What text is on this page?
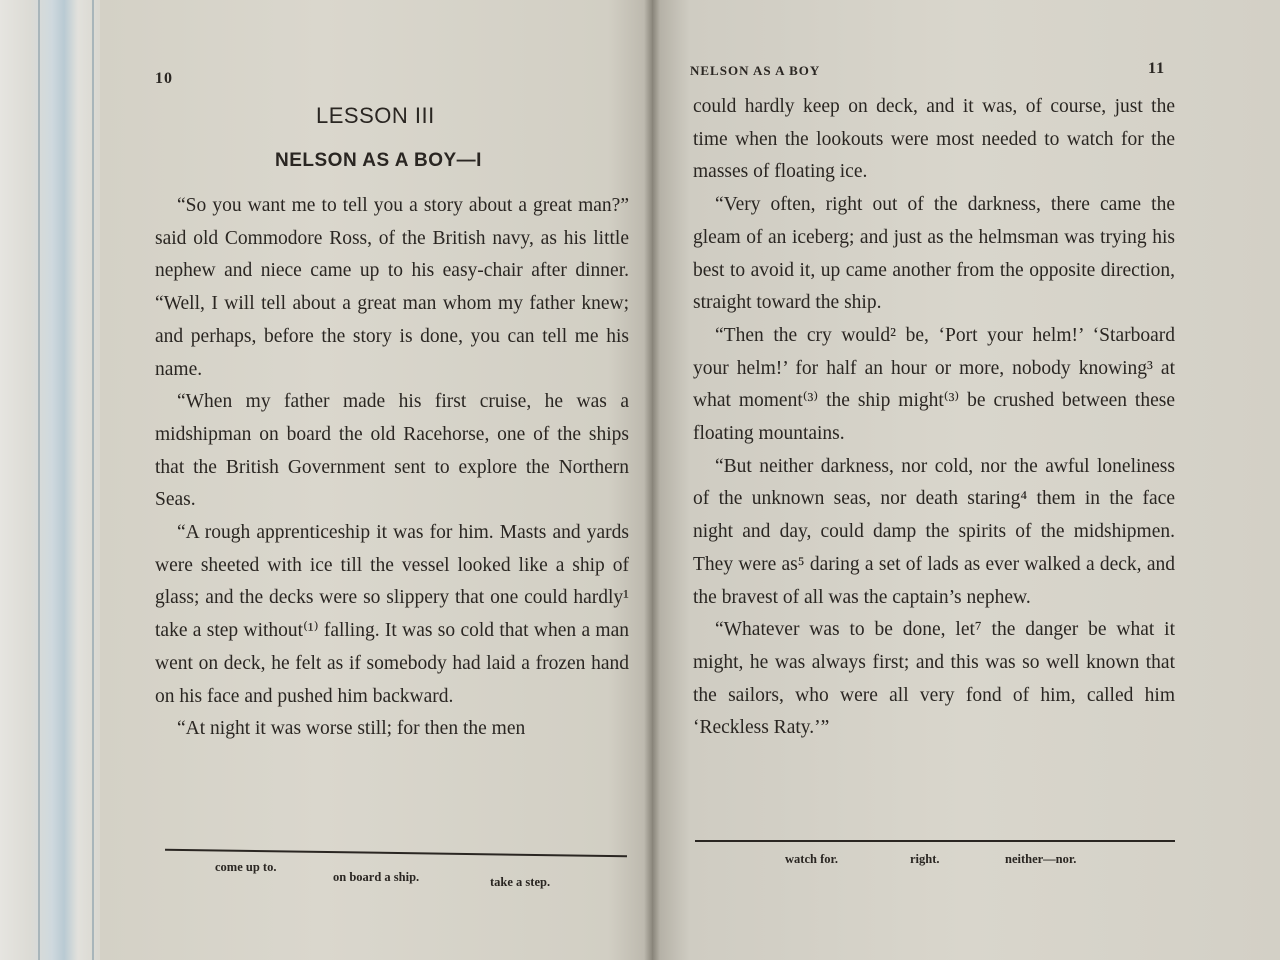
10
LESSON III
NELSON AS A BOY—I

“So you want me to tell you a story about a great man?” said old Commodore Ross, of the British navy, as his little nephew and niece came up to his easy-chair after dinner. “Well, I will tell about a great man whom my father knew; and perhaps, before the story is done, you can tell me his name.

“When my father made his first cruise, he was a midshipman on board the old Racehorse, one of the ships that the British Government sent to explore the Northern Seas.

“A rough apprenticeship it was for him. Masts and yards were sheeted with ice till the vessel looked like a ship of glass; and the decks were so slippery that one could hardly¹ take a step without⁽¹⁾ falling. It was so cold that when a man went on deck, he felt as if somebody had laid a frozen hand on his face and pushed him backward.

“At night it was worse still; for then the men

come up to.
on board a ship.	take a step.
NELSON AS A BOY	11

could hardly keep on deck, and it was, of course, just the time when the lookouts were most needed to watch for the masses of floating ice.

“Very often, right out of the darkness, there came the gleam of an iceberg; and just as the helmsman was trying his best to avoid it, up came another from the opposite direction, straight toward the ship.

“Then the cry would² be, ‘Port your helm!’ ‘Starboard your helm!’ for half an hour or more, nobody knowing³ at what moment⁽³⁾ the ship might⁽³⁾ be crushed between these floating mountains.

“But neither darkness, nor cold, nor the awful loneliness of the unknown seas, nor death staring⁴ them in the face night and day, could damp the spirits of the midshipmen. They were as⁵ daring a set of lads as ever walked a deck, and the bravest of all was the captain’s nephew.

“Whatever was to be done, let⁷ the danger be what it might, he was always first; and this was so well known that the sailors, who were all very fond of him, called him ‘Reckless Raty.’”

watch for.	right.	neither—nor.
